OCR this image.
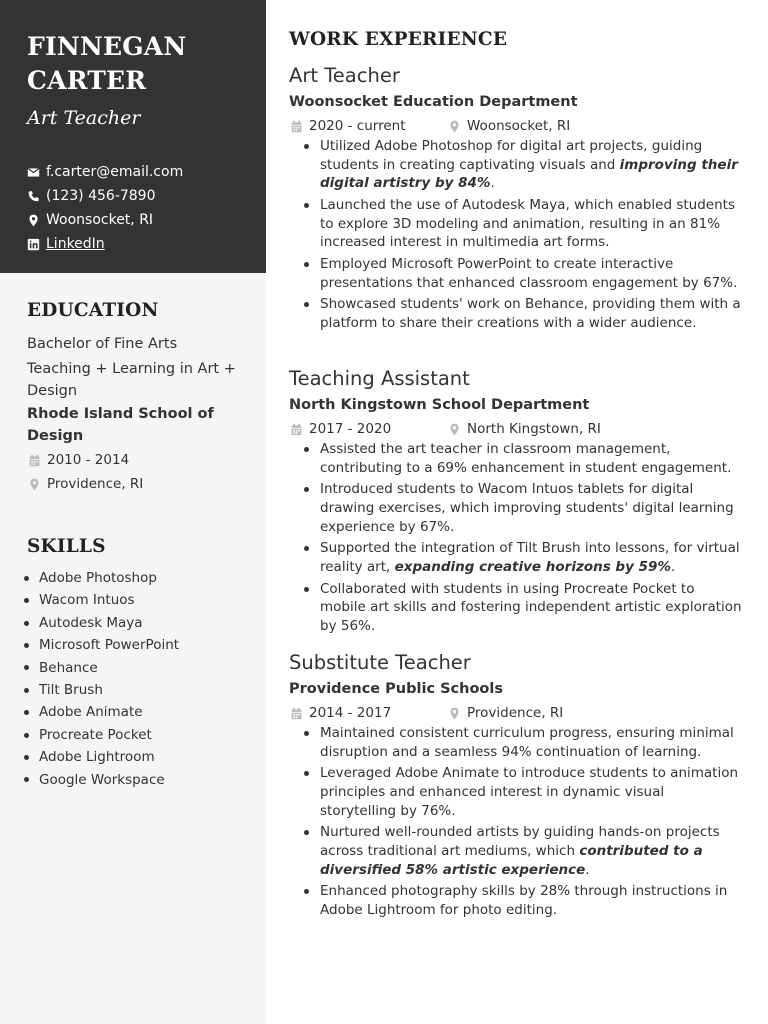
FINNEGAN
CARTER
Art Teacher
f.carter@email.com
(123) 456-7890
Woonsocket, RI
LinkedIn
EDUCATION
Bachelor of Fine Arts
Teaching + Learning in Art + Design
Rhode Island School of Design
2010 - 2014
Providence, RI
SKILLS
Adobe Photoshop
Wacom Intuos
Autodesk Maya
Microsoft PowerPoint
Behance
Tilt Brush
Adobe Animate
Procreate Pocket
Adobe Lightroom
Google Workspace
WORK EXPERIENCE
Art Teacher
Woonsocket Education Department
2020 - current	Woonsocket, RI
Utilized Adobe Photoshop for digital art projects, guiding students in creating captivating visuals and improving their digital artistry by 84%.
Launched the use of Autodesk Maya, which enabled students to explore 3D modeling and animation, resulting in an 81% increased interest in multimedia art forms.
Employed Microsoft PowerPoint to create interactive presentations that enhanced classroom engagement by 67%.
Showcased students' work on Behance, providing them with a platform to share their creations with a wider audience.
Teaching Assistant
North Kingstown School Department
2017 - 2020	North Kingstown, RI
Assisted the art teacher in classroom management, contributing to a 69% enhancement in student engagement.
Introduced students to Wacom Intuos tablets for digital drawing exercises, which improving students' digital learning experience by 67%.
Supported the integration of Tilt Brush into lessons, for virtual reality art, expanding creative horizons by 59%.
Collaborated with students in using Procreate Pocket to mobile art skills and fostering independent artistic exploration by 56%.
Substitute Teacher
Providence Public Schools
2014 - 2017	Providence, RI
Maintained consistent curriculum progress, ensuring minimal disruption and a seamless 94% continuation of learning.
Leveraged Adobe Animate to introduce students to animation principles and enhanced interest in dynamic visual storytelling by 76%.
Nurtured well-rounded artists by guiding hands-on projects across traditional art mediums, which contributed to a diversified 58% artistic experience.
Enhanced photography skills by 28% through instructions in Adobe Lightroom for photo editing.
